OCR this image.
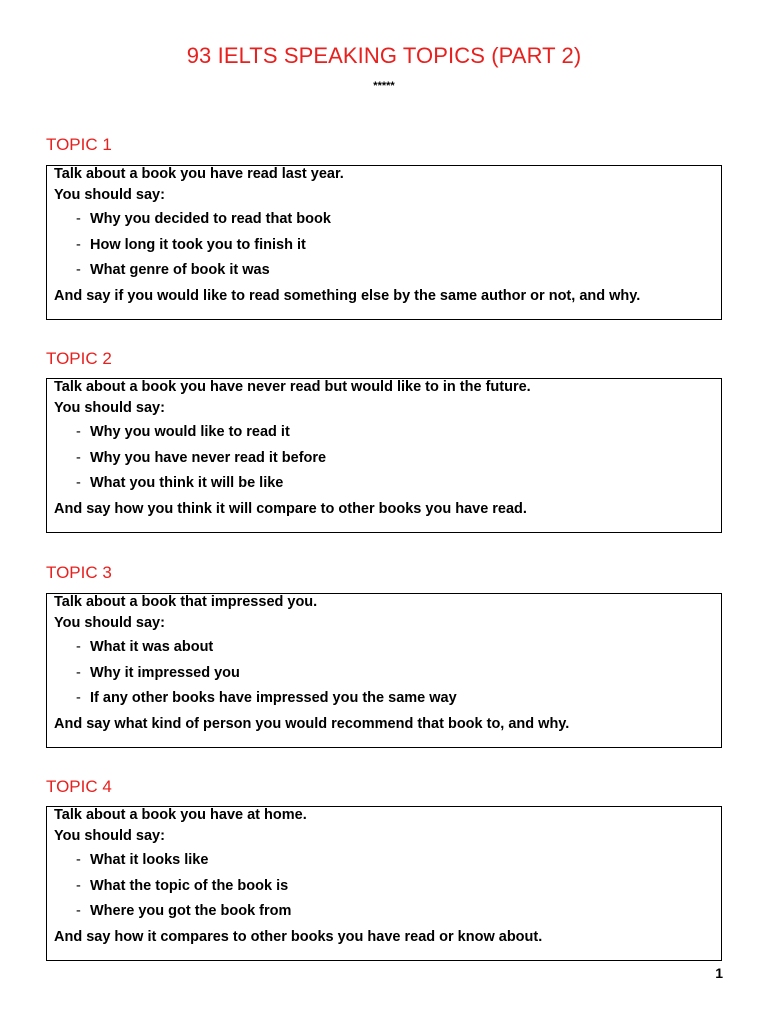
93 IELTS SPEAKING TOPICS (PART 2)
*****
TOPIC 1
Talk about a book you have read last year.
You should say:
- Why you decided to read that book
- How long it took you to finish it
- What genre of book it was
And say if you would like to read something else by the same author or not, and why.
TOPIC 2
Talk about a book you have never read but would like to in the future.
You should say:
- Why you would like to read it
- Why you have never read it before
- What you think it will be like
And say how you think it will compare to other books you have read.
TOPIC 3
Talk about a book that impressed you.
You should say:
- What it was about
- Why it impressed you
- If any other books have impressed you the same way
And say what kind of person you would recommend that book to, and why.
TOPIC 4
Talk about a book you have at home.
You should say:
- What it looks like
- What the topic of the book is
- Where you got the book from
And say how it compares to other books you have read or know about.
1
